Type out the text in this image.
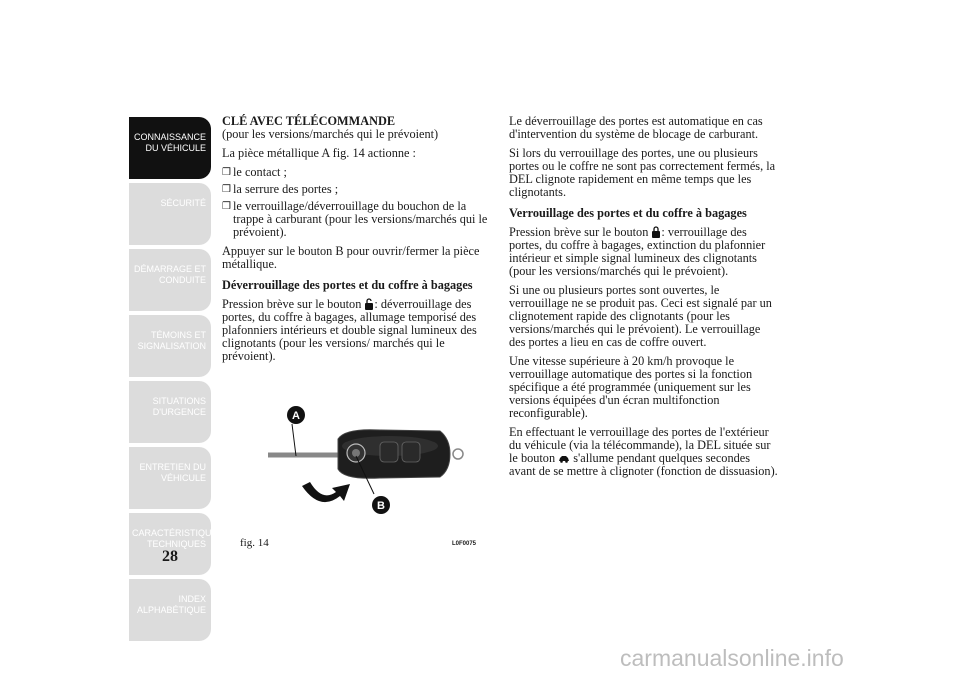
CONNAISSANCE DU VÉHICULE
SÉCURITÉ
DÉMARRAGE ET CONDUITE
TÉMOINS ET SIGNALISATION
SITUATIONS D'URGENCE
ENTRETIEN DU VÉHICULE
CARACTÉRISTIQUES TECHNIQUES
INDEX ALPHABÉTIQUE
28

CLÉ AVEC TÉLÉCOMMANDE

(pour les versions/marchés qui le prévoient)

La pièce métallique A fig. 14 actionne :

❒ le contact ;
❒ la serrure des portes ;
❒ le verrouillage/déverrouillage du bouchon de la trappe à carburant (pour les versions/marchés qui le prévoient).

Appuyer sur le bouton B pour ouvrir/fermer la pièce métallique.

Déverrouillage des portes et du coffre à bagages

Pression brève sur le bouton : déverrouillage des portes, du coffre à bagages, allumage temporisé des plafonniers intérieurs et double signal lumineux des clignotants (pour les versions/ marchés qui le prévoient).

A
B
fig. 14	L0F0075

Le déverrouillage des portes est automatique en cas d'intervention du système de blocage de carburant.

Si lors du verrouillage des portes, une ou plusieurs portes ou le coffre ne sont pas correctement fermés, la DEL clignote rapidement en même temps que les clignotants.

Verrouillage des portes et du coffre à bagages

Pression brève sur le bouton : verrouillage des portes, du coffre à bagages, extinction du plafonnier intérieur et simple signal lumineux des clignotants (pour les versions/marchés qui le prévoient).

Si une ou plusieurs portes sont ouvertes, le verrouillage ne se produit pas. Ceci est signalé par un clignotement rapide des clignotants (pour les versions/marchés qui le prévoient). Le verrouillage des portes a lieu en cas de coffre ouvert.

Une vitesse supérieure à 20 km/h provoque le verrouillage automatique des portes si la fonction spécifique a été programmée (uniquement sur les versions équipées d'un écran multifonction reconfigurable).

En effectuant le verrouillage des portes de l'extérieur du véhicule (via la télécommande), la DEL située sur le bouton s'allume pendant quelques secondes avant de se mettre à clignoter (fonction de dissuasion).

carmanualsonline.info
